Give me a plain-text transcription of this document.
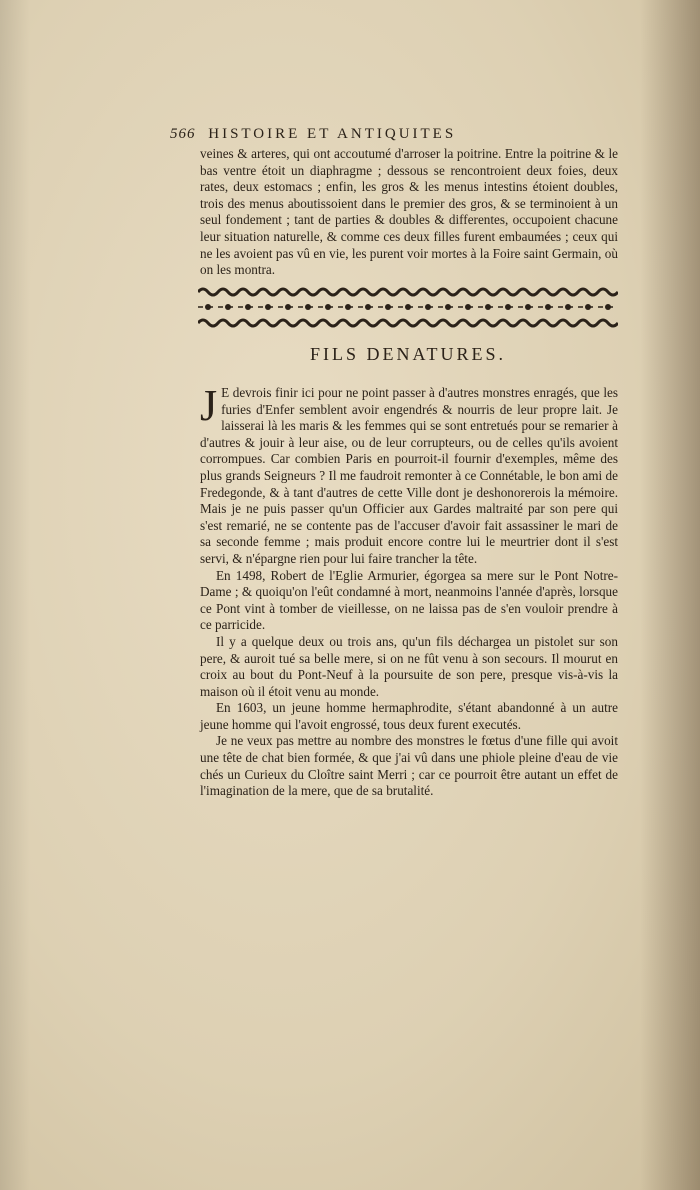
566 HISTOIRE ET ANTIQUITES
veines & arteres, qui ont accoutumé d'arroser la poitrine. Entre la poitrine & le bas ventre étoit un diaphragme ; dessous se rencontroient deux foies, deux rates, deux estomacs ; enfin, les gros & les menus intestins étoient doubles, trois des menus aboutissoient dans le premier des gros, & se terminoient à un seul fondement ; tant de parties & doubles & differentes, occupoient chacune leur situation naturelle, & comme ces deux filles furent embaumées ; ceux qui ne les avoient pas vû en vie, les purent voir mortes à la Foire saint Germain, où on les montra.
FILS DENATURES.

J E devrois finir ici pour ne point passer à d'autres monstres enragés, que les furies d'Enfer semblent avoir engendrés & nourris de leur propre lait. Je laisserai là les maris & les femmes qui se sont entretués pour se remarier à d'autres & jouir à leur aise, ou de leur corrupteurs, ou de celles qu'ils avoient corrompues. Car combien Paris en pourroit-il fournir d'exemples, même des plus grands Seigneurs ? Il me faudroit remonter à ce Connétable, le bon ami de Fredegonde, & à tant d'autres de cette Ville dont je deshonorerois la mémoire. Mais je ne puis passer qu'un Officier aux Gardes maltraité par son pere qui s'est remarié, ne se contente pas de l'accuser d'avoir fait assassiner le mari de sa seconde femme ; mais produit encore contre lui le meurtrier dont il s'est servi, & n'épargne rien pour lui faire trancher la tête.

En 1498, Robert de l'Eglie Armurier, égorgea sa mere sur le Pont Notre-Dame ; & quoiqu'on l'eût condamné à mort, neanmoins l'année d'après, lorsque ce Pont vint à tomber de vieillesse, on ne laissa pas de s'en vouloir prendre à ce parricide.

Il y a quelque deux ou trois ans, qu'un fils déchargea un pistolet sur son pere, & auroit tué sa belle mere, si on ne fût venu à son secours. Il mourut en croix au bout du Pont-Neuf à la poursuite de son pere, presque vis-à-vis la maison où il étoit venu au monde.

En 1603, un jeune homme hermaphrodite, s'étant abandonné à un autre jeune homme qui l'avoit engrossé, tous deux furent executés.

Je ne veux pas mettre au nombre des monstres le fœtus d'une fille qui avoit une tête de chat bien formée, & que j'ai vû dans une phiole pleine d'eau de vie chés un Curieux du Cloître saint Merri ; car ce pourroit être autant un effet de l'imagination de la mere, que de sa brutalité.
